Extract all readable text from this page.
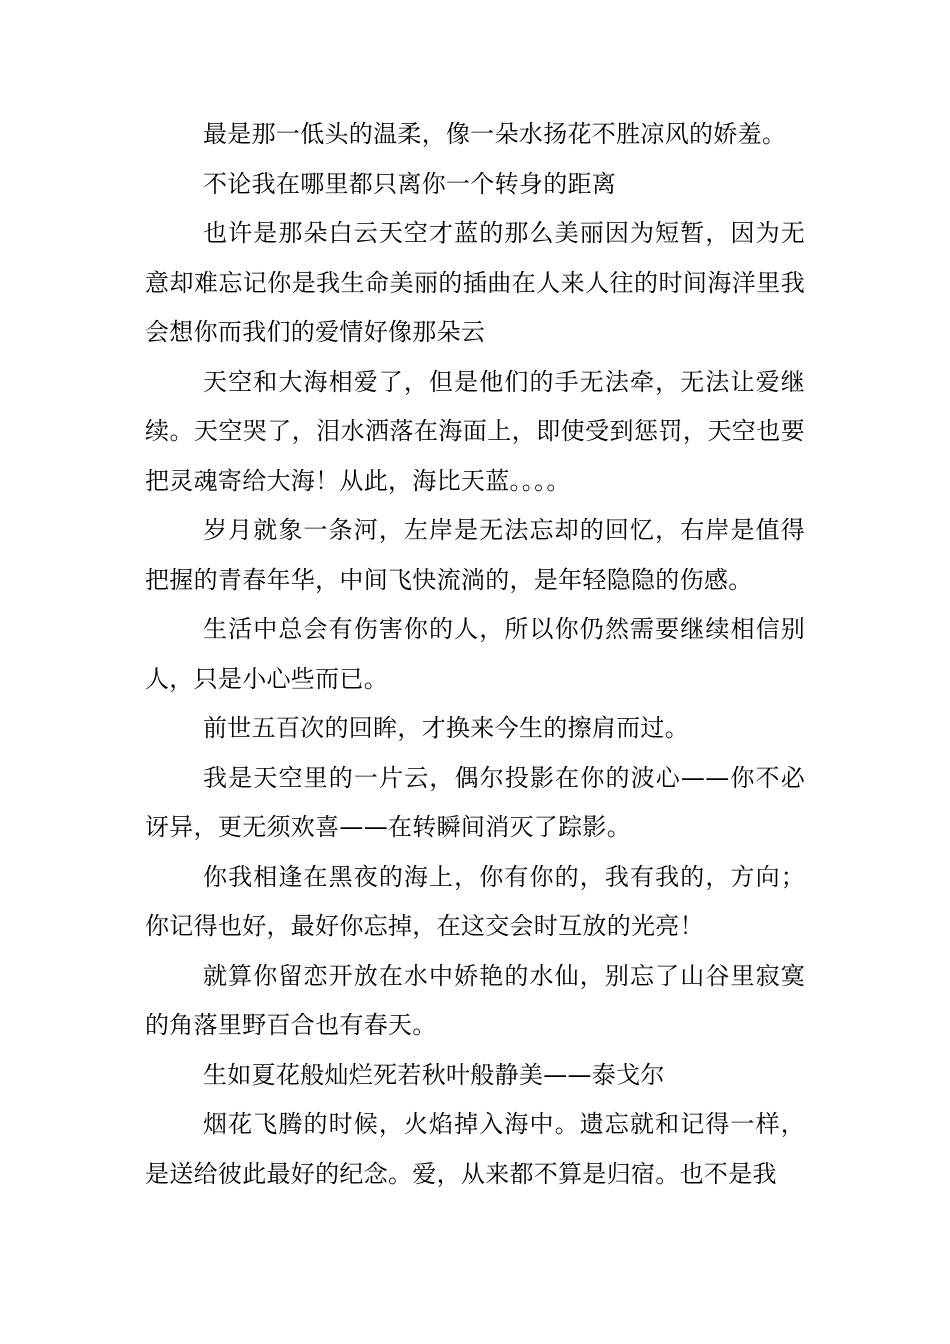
最是那一低头的温柔，像一朵水扬花不胜凉风的娇羞。

不论我在哪里都只离你一个转身的距离

也许是那朵白云天空才蓝的那么美丽因为短暂，因为无意却难忘记你是我生命美丽的插曲在人来人往的时间海洋里我会想你而我们的爱情好像那朵云

天空和大海相爱了，但是他们的手无法牵，无法让爱继续。天空哭了，泪水洒落在海面上，即使受到惩罚，天空也要把灵魂寄给大海！从此，海比天蓝。。。。

岁月就象一条河，左岸是无法忘却的回忆，右岸是值得把握的青春年华，中间飞快流淌的，是年轻隐隐的伤感。

生活中总会有伤害你的人，所以你仍然需要继续相信别人，只是小心些而已。

前世五百次的回眸，才换来今生的擦肩而过。

我是天空里的一片云，偶尔投影在你的波心——你不必讶异，更无须欢喜——在转瞬间消灭了踪影。

你我相逢在黑夜的海上，你有你的，我有我的，方向；你记得也好，最好你忘掉，在这交会时互放的光亮！

就算你留恋开放在水中娇艳的水仙，别忘了山谷里寂寞的角落里野百合也有春天。

生如夏花般灿烂死若秋叶般静美——泰戈尔

烟花飞腾的时候，火焰掉入海中。遗忘就和记得一样，是送给彼此最好的纪念。爱，从来都不算是归宿。也不是我
